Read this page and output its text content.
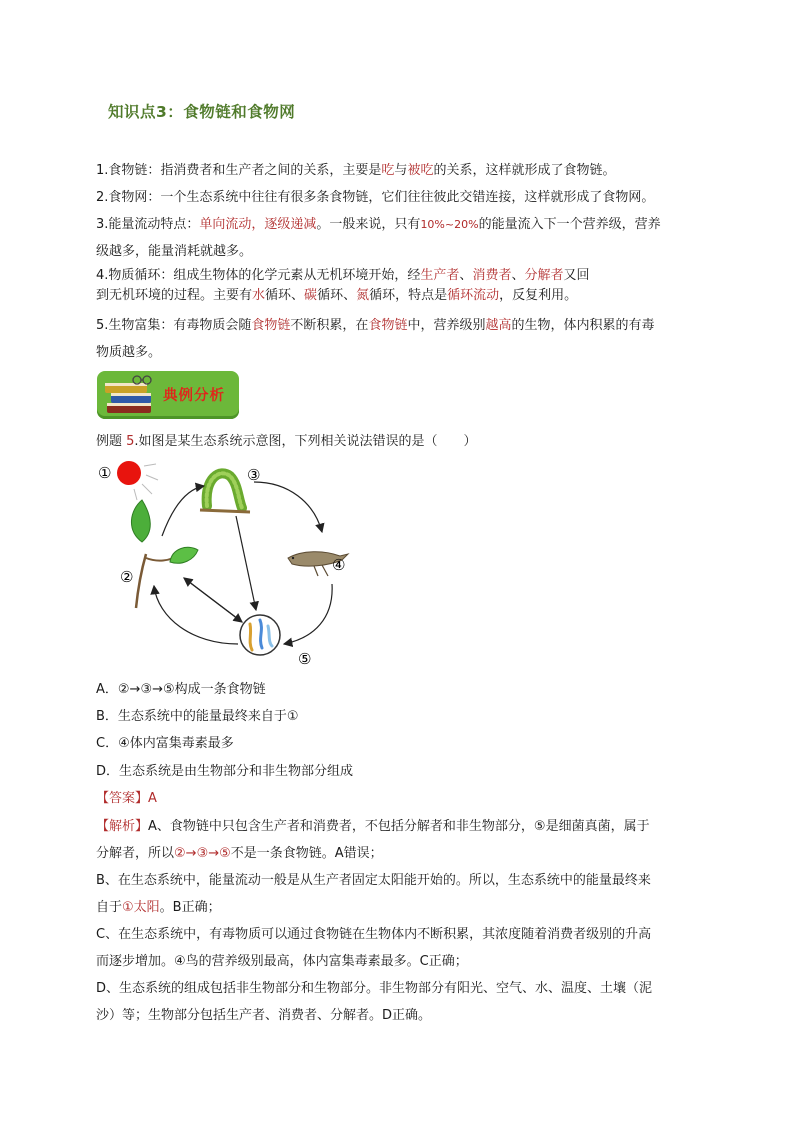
知识点3：食物链和食物网
1.食物链：指消费者和生产者之间的关系，主要是吃与被吃的关系，这样就形成了食物链。
2.食物网：一个生态系统中往往有很多条食物链，它们往往彼此交错连接，这样就形成了食物网。
3.能量流动特点：单向流动，逐级递减。一般来说，只有10%~20%的能量流入下一个营养级，营养
级越多，能量消耗就越多。
4.物质循环：组成生物体的化学元素从无机环境开始，经生产者、消费者、分解者又回
到无机环境的过程。主要有水循环、碳循环、氮循环，特点是循环流动，反复利用。
5.生物富集：有毒物质会随食物链不断积累，在食物链中，营养级别越高的生物，体内积累的有毒
物质越多。
典例分析
例题 5.如图是某生态系统示意图，下列相关说法错误的是（　　）
①
②
③
④
⑤
A．②→③→⑤构成一条食物链
B．生态系统中的能量最终来自于①
C．④体内富集毒素最多
D．生态系统是由生物部分和非生物部分组成
【答案】A
【解析】A、食物链中只包含生产者和消费者，不包括分解者和非生物部分，⑤是细菌真菌，属于
分解者，所以②→③→⑤不是一条食物链。A错误；
B、在生态系统中，能量流动一般是从生产者固定太阳能开始的。所以，生态系统中的能量最终来
自于①太阳。B正确；
C、在生态系统中，有毒物质可以通过食物链在生物体内不断积累，其浓度随着消费者级别的升高
而逐步增加。④鸟的营养级别最高，体内富集毒素最多。C正确；
D、生态系统的组成包括非生物部分和生物部分。非生物部分有阳光、空气、水、温度、土壤（泥
沙）等；生物部分包括生产者、消费者、分解者。D正确。
